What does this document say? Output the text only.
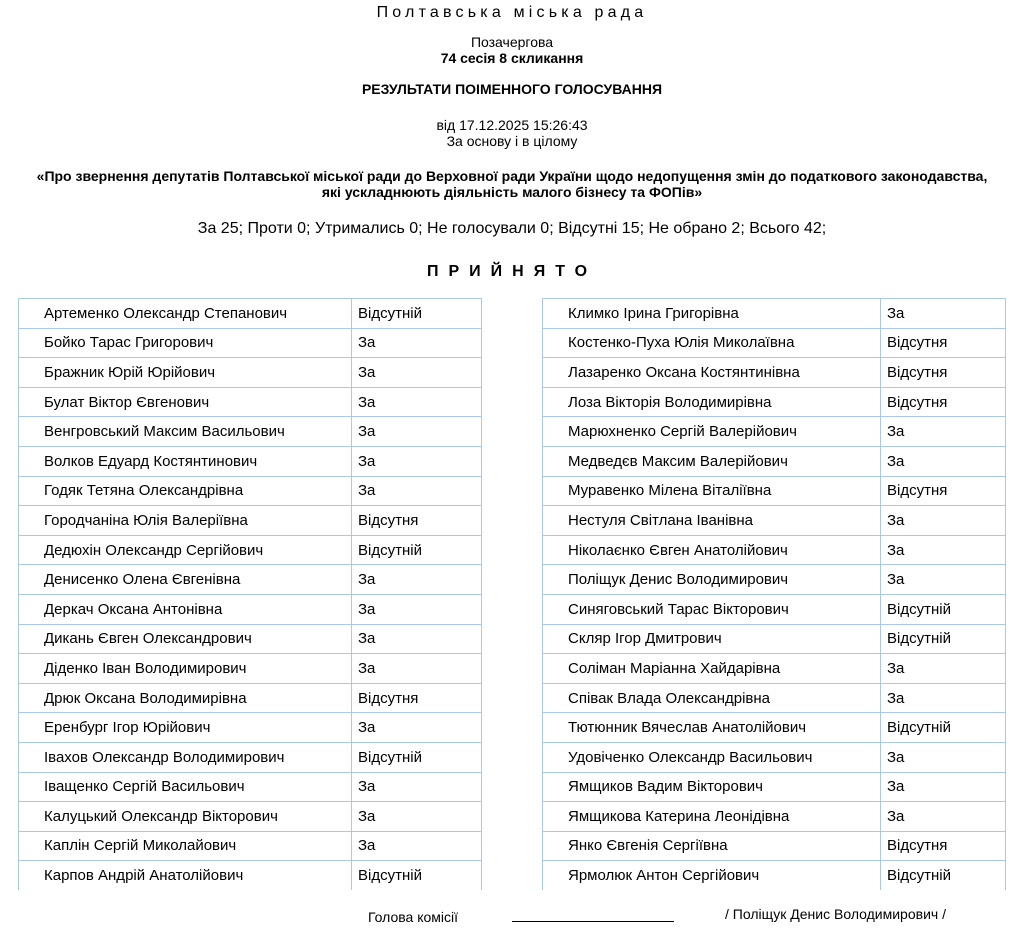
Полтавська міська рада
Позачергова
74 сесія 8 скликання
РЕЗУЛЬТАТИ ПОІМЕННОГО ГОЛОСУВАННЯ
від 17.12.2025 15:26:43
За основу і в цілому
«Про звернення депутатів Полтавської міської ради до Верховної ради України щодо недопущення змін до податкового законодавства, які ускладнюють діяльність малого бізнесу та ФОПів»
За 25; Проти 0; Утримались 0; Не голосували 0; Відсутні 15; Не обрано 2; Всього 42;
ПРИЙНЯТО
Артеменко Олександр Степанович	Відсутній
Бойко Тарас Григорович	За
Бражник Юрій Юрійович	За
Булат Віктор Євгенович	За
Венгровський Максим Васильович	За
Волков Едуард Костянтинович	За
Годяк Тетяна Олександрівна	За
Городчаніна Юлія Валеріївна	Відсутня
Дедюхін Олександр Сергійович	Відсутній
Денисенко Олена Євгенівна	За
Деркач Оксана Антонівна	За
Дикань Євген Олександрович	За
Діденко Іван Володимирович	За
Дрюк Оксана Володимирівна	Відсутня
Еренбург Ігор Юрійович	За
Івахов Олександр Володимирович	Відсутній
Іващенко Сергій Васильович	За
Калуцький Олександр Вікторович	За
Каплін Сергій Миколайович	За
Карпов Андрій Анатолійович	Відсутній
Климко Ірина Григорівна	За
Костенко-Пуха Юлія Миколаївна	Відсутня
Лазаренко Оксана Костянтинівна	Відсутня
Лоза Вікторія Володимирівна	Відсутня
Марюхненко Сергій Валерійович	За
Медведєв Максим Валерійович	За
Муравенко Мілена Віталіївна	Відсутня
Нестуля Світлана Іванівна	За
Ніколаєнко Євген Анатолійович	За
Поліщук Денис Володимирович	За
Синяговський Тарас Вікторович	Відсутній
Скляр Ігор Дмитрович	Відсутній
Соліман Маріанна Хайдарівна	За
Співак Влада Олександрівна	За
Тютюнник Вячеслав Анатолійович	Відсутній
Удовіченко Олександр Васильович	За
Ямщиков Вадим Вікторович	За
Ямщикова Катерина Леонідівна	За
Янко Євгенія Сергіївна	Відсутня
Ярмолюк Антон Сергійович	Відсутній
Голова комісії	/ Поліщук Денис Володимирович /
